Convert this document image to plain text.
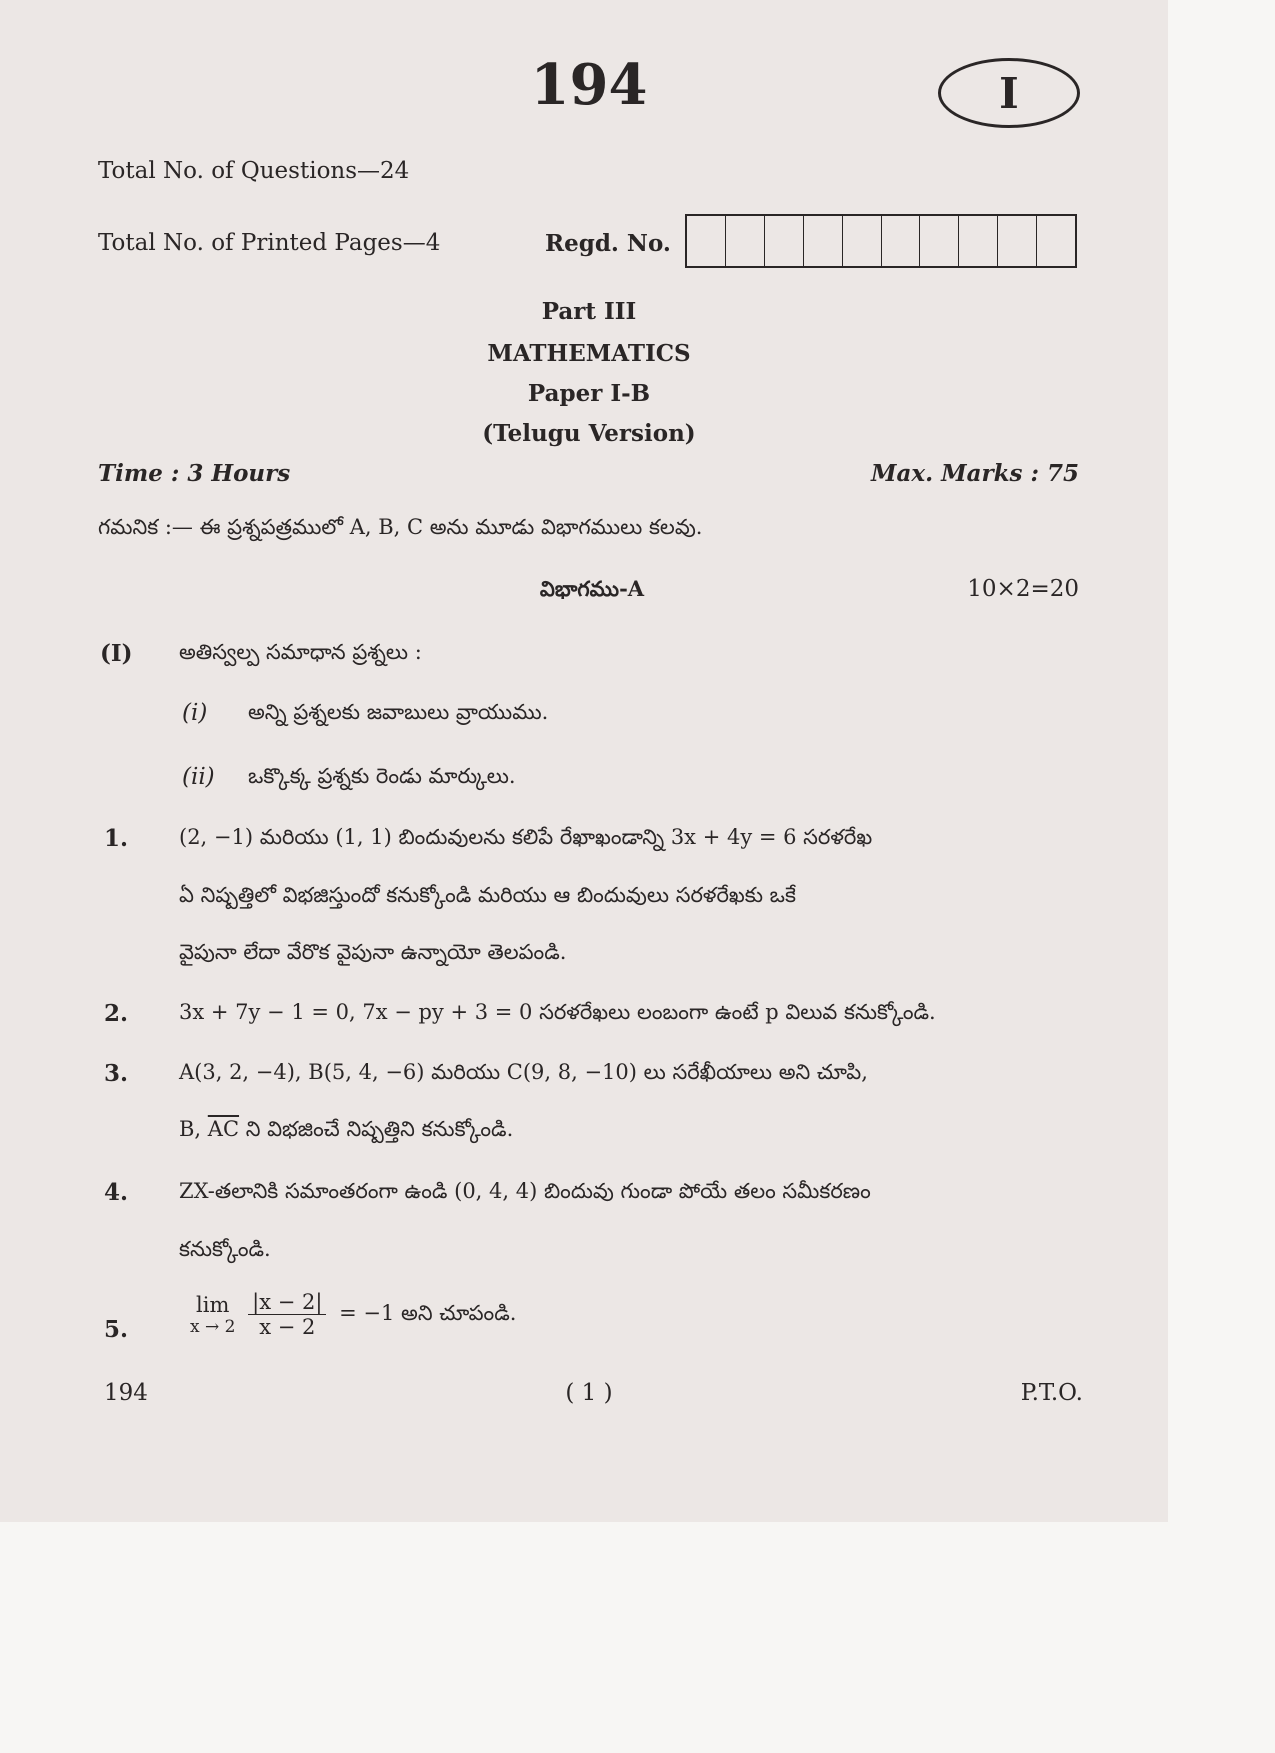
194	I
Total No. of Questions—24
Total No. of Printed Pages—4	Regd. No.
Part III
MATHEMATICS
Paper I-B
(Telugu Version)
Time : 3 Hours	Max. Marks : 75
గమనిక :— ఈ ప్రశ్నపత్రములో A, B, C అను మూడు విభాగములు కలవు.
విభాగము-A	10×2=20
(I) అతిస్వల్ప సమాధాన ప్రశ్నలు :
(i) అన్ని ప్రశ్నలకు జవాబులు వ్రాయుము.
(ii) ఒక్కొక్క ప్రశ్నకు రెండు మార్కులు.
1. (2, −1) మరియు (1, 1) బిందువులను కలిపే రేఖాఖండాన్ని 3x + 4y = 6 సరళరేఖ
ఏ నిష్పత్తిలో విభజిస్తుందో కనుక్కోండి మరియు ఆ బిందువులు సరళరేఖకు ఒకే
వైపునా లేదా వేరొక వైపునా ఉన్నాయో తెలపండి.
2. 3x + 7y − 1 = 0, 7x − py + 3 = 0 సరళరేఖలు లంబంగా ఉంటే p విలువ కనుక్కోండి.
3. A(3, 2, −4), B(5, 4, −6) మరియు C(9, 8, −10) లు సరేఖీయాలు అని చూపి,
B, $\overline{AC}$ ని విభజించే నిష్పత్తిని కనుక్కోండి.
4. ZX-తలానికి సమాంతరంగా ఉండి (0, 4, 4) బిందువు గుండా పోయే తలం సమీకరణం
కనుక్కోండి.
5.
lim
x → 2
$\frac{|x - 2|}{x - 2} = -1$ అని చూపండి.
194	( 1 )	P.T.O.
